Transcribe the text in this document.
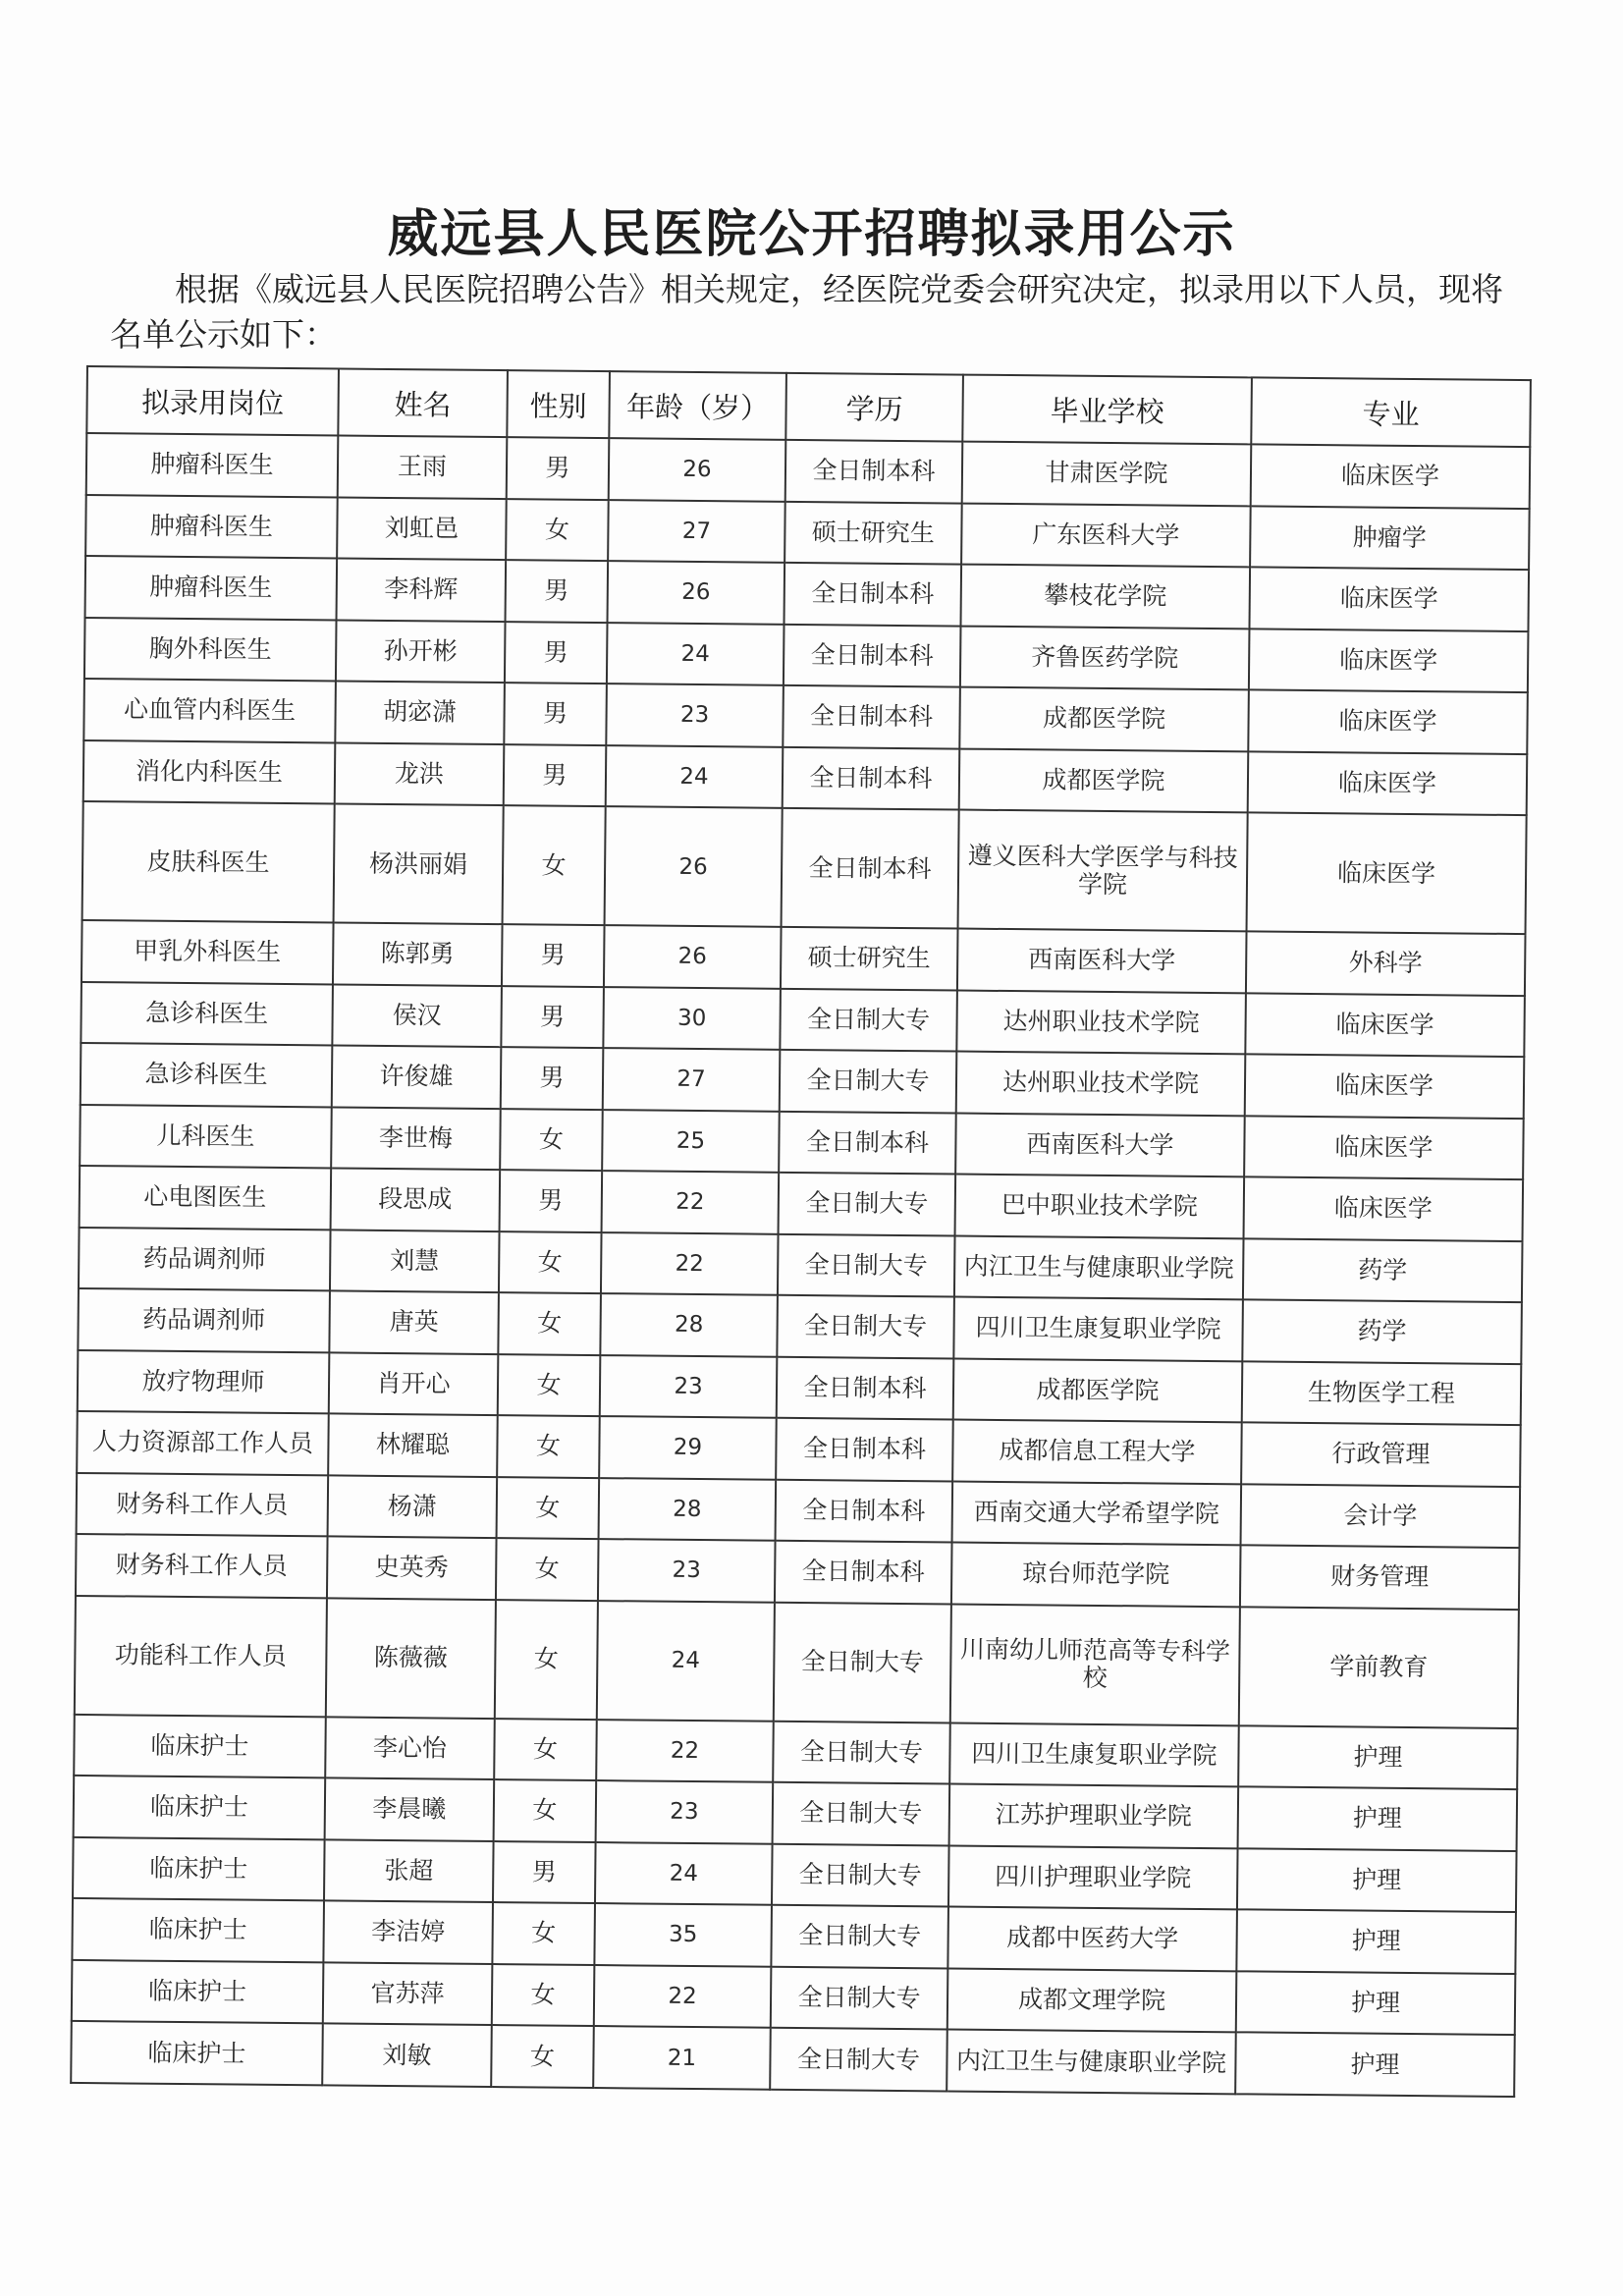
威远县人民医院公开招聘拟录用公示
根据《威远县人民医院招聘公告》相关规定，经医院党委会研究决定，拟录用以下人员，现将名单公示如下：
拟录用岗位	姓名	性别	年龄（岁）	学历	毕业学校	专业
肿瘤科医生	王雨	男	26	全日制本科	甘肃医学院	临床医学
肿瘤科医生	刘虹邑	女	27	硕士研究生	广东医科大学	肿瘤学
肿瘤科医生	李科辉	男	26	全日制本科	攀枝花学院	临床医学
胸外科医生	孙开彬	男	24	全日制本科	齐鲁医药学院	临床医学
心血管内科医生	胡宓潇	男	23	全日制本科	成都医学院	临床医学
消化内科医生	龙洪	男	24	全日制本科	成都医学院	临床医学
皮肤科医生	杨洪丽娟	女	26	全日制本科	遵义医科大学医学与科技学院	临床医学
甲乳外科医生	陈郭勇	男	26	硕士研究生	西南医科大学	外科学
急诊科医生	侯汉	男	30	全日制大专	达州职业技术学院	临床医学
急诊科医生	许俊雄	男	27	全日制大专	达州职业技术学院	临床医学
儿科医生	李世梅	女	25	全日制本科	西南医科大学	临床医学
心电图医生	段思成	男	22	全日制大专	巴中职业技术学院	临床医学
药品调剂师	刘慧	女	22	全日制大专	内江卫生与健康职业学院	药学
药品调剂师	唐英	女	28	全日制大专	四川卫生康复职业学院	药学
放疗物理师	肖开心	女	23	全日制本科	成都医学院	生物医学工程
人力资源部工作人员	林耀聪	女	29	全日制本科	成都信息工程大学	行政管理
财务科工作人员	杨潇	女	28	全日制本科	西南交通大学希望学院	会计学
财务科工作人员	史英秀	女	23	全日制本科	琼台师范学院	财务管理
功能科工作人员	陈薇薇	女	24	全日制大专	川南幼儿师范高等专科学校	学前教育
临床护士	李心怡	女	22	全日制大专	四川卫生康复职业学院	护理
临床护士	李晨曦	女	23	全日制大专	江苏护理职业学院	护理
临床护士	张超	男	24	全日制大专	四川护理职业学院	护理
临床护士	李洁婷	女	35	全日制大专	成都中医药大学	护理
临床护士	官苏萍	女	22	全日制大专	成都文理学院	护理
临床护士	刘敏	女	21	全日制大专	内江卫生与健康职业学院	护理
